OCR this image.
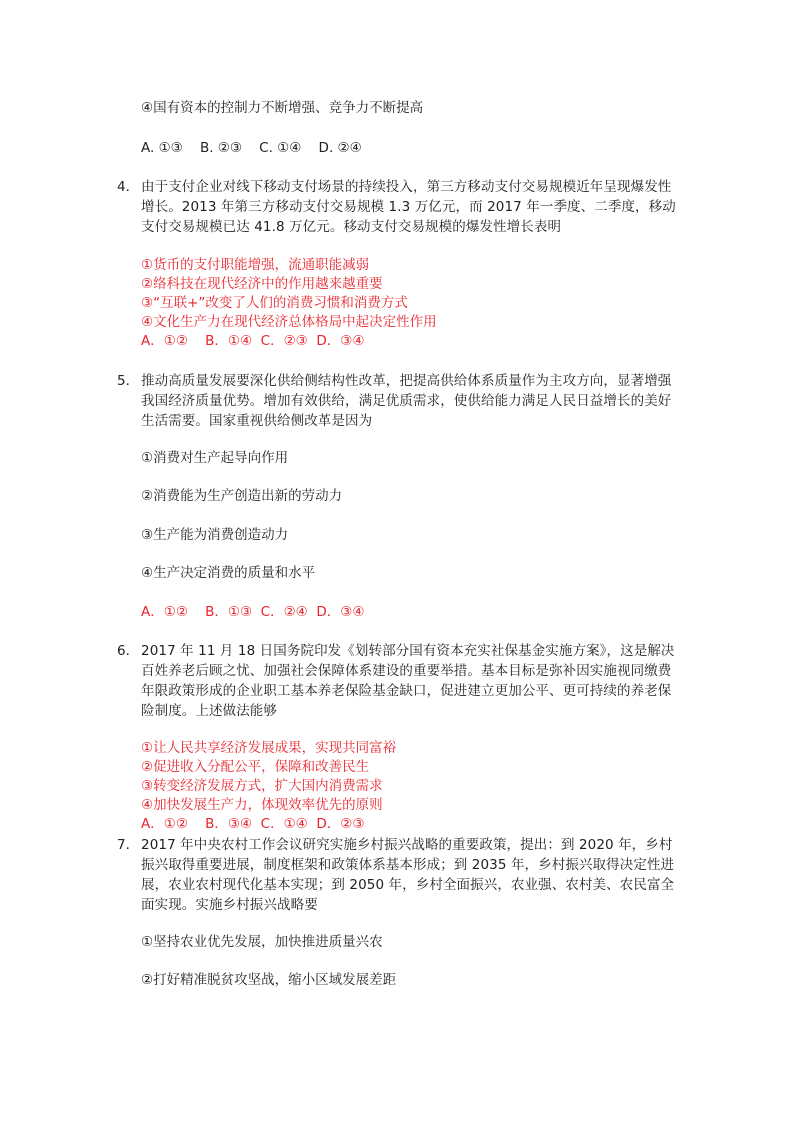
④国有资本的控制力不断增强、竞争力不断提高
A. ①③    B. ②③    C. ①④    D. ②④
4． 由于支付企业对线下移动支付场景的持续投入，第三方移动支付交易规模近年呈现爆发性增长。2013 年第三方移动支付交易规模 1.3 万亿元，而 2017 年一季度、二季度，移动支付交易规模已达 41.8 万亿元。移动支付交易规模的爆发性增长表明
①货币的支付职能增强，流通职能减弱
②络科技在现代经济中的作用越来越重要
③“互联+”改变了人们的消费习惯和消费方式
④文化生产力在现代经济总体格局中起决定性作用
A．①②    B．①④  C．②③  D．③④
5． 推动高质量发展要深化供给侧结构性改革，把提高供给体系质量作为主攻方向，显著增强我国经济质量优势。增加有效供给，满足优质需求，使供给能力满足人民日益增长的美好生活需要。国家重视供给侧改革是因为
①消费对生产起导向作用
②消费能为生产创造出新的劳动力
③生产能为消费创造动力
④生产决定消费的质量和水平
A．①②    B．①③  C．②④  D．③④
6． 2017 年 11 月 18 日国务院印发《划转部分国有资本充实社保基金实施方案》，这是解决百姓养老后顾之忧、加强社会保障体系建设的重要举措。基本目标是弥补因实施视同缴费年限政策形成的企业职工基本养老保险基金缺口，促进建立更加公平、更可持续的养老保险制度。上述做法能够
①让人民共享经济发展成果，实现共同富裕
②促进收入分配公平，保障和改善民生
③转变经济发展方式，扩大国内消费需求
④加快发展生产力，体现效率优先的原则
A．①②    B．③④  C．①④  D．②③
7． 2017 年中央农村工作会议研究实施乡村振兴战略的重要政策，提出：到 2020 年，乡村振兴取得重要进展，制度框架和政策体系基本形成；到 2035 年，乡村振兴取得决定性进展，农业农村现代化基本实现；到 2050 年，乡村全面振兴，农业强、农村美、农民富全面实现。实施乡村振兴战略要
①坚持农业优先发展，加快推进质量兴农
②打好精准脱贫攻坚战，缩小区域发展差距
